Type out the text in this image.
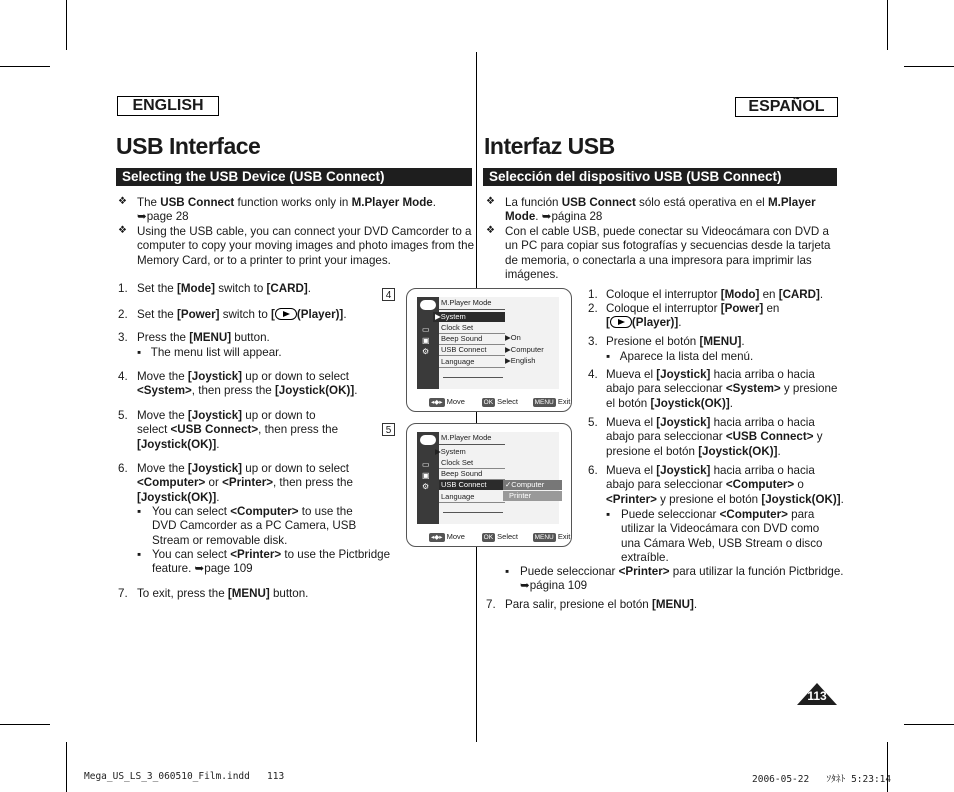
ENGLISH	ESPAÑOL
USB Interface	Interfaz USB
Selecting the USB Device (USB Connect)	Selección del dispositivo USB (USB Connect)
❖ The USB Connect function works only in M.Player Mode.
➥page 28
❖ Using the USB cable, you can connect your DVD Camcorder to a
computer to copy your moving images and photo images from the
Memory Card, or to a printer to print your images.
1. Set the [Mode] switch to [CARD].
2. Set the [Power] switch to [ (Player)].
3. Press the [MENU] button.
▪   The menu list will appear.
4. Move the [Joystick] up or down to select
<System>, then press the [Joystick(OK)].
5. Move the [Joystick] up or down to
select <USB Connect>, then press the
[Joystick(OK)].
6. Move the [Joystick] up or down to select
<Computer> or <Printer>, then press the
[Joystick(OK)].
▪ You can select <Computer> to use the
DVD Camcorder as a PC Camera, USB
Stream or removable disk.
▪ You can select <Printer> to use the Pictbridge
feature. ➥page 109
7. To exit, press the [MENU] button.
4
▭
▣
⚙
M.Player Mode
▶System
Clock Set
Beep Sound
USB Connect
Language
▶On
▶Computer
▶English
◂◆▸ Move	OK Select	MENU Exit
5
▭
▣
⚙
M.Player Mode
▶System
Clock Set
Beep Sound
USB Connect
Language
✓Computer
Printer
◂◆▸ Move	OK Select	MENU Exit
❖ La función USB Connect sólo está operativa en el M.Player
Mode. ➥página 28
❖ Con el cable USB, puede conectar su Videocámara con DVD a
un PC para copiar sus fotografías y secuencias desde la tarjeta
de memoria, o conectarla a una impresora para imprimir las
imágenes.
1. Coloque el interruptor [Modo] en [CARD].
2. Coloque el interruptor [Power] en
[ (Player)].
3. Presione el botón [MENU].
▪   Aparece la lista del menú.
4. Mueva el [Joystick] hacia arriba o hacia
abajo para seleccionar <System> y presione
el botón [Joystick(OK)].
5. Mueva el [Joystick] hacia arriba o hacia
abajo para seleccionar <USB Connect> y
presione el botón [Joystick(OK)].
6. Mueva el [Joystick] hacia arriba o hacia
abajo para seleccionar <Computer> o
<Printer> y presione el botón [Joystick(OK)].
▪ Puede seleccionar <Computer> para
utilizar la Videocámara con DVD como
una Cámara Web, USB Stream o disco
extraíble.
▪ Puede seleccionar <Printer> para utilizar la función Pictbridge.
➥página 109
7. Para salir, presione el botón [MENU].
113
Mega_US_LS_3_060510_Film.indd   113	2006-05-22   ｿﾀﾈﾄ 5:23:14
